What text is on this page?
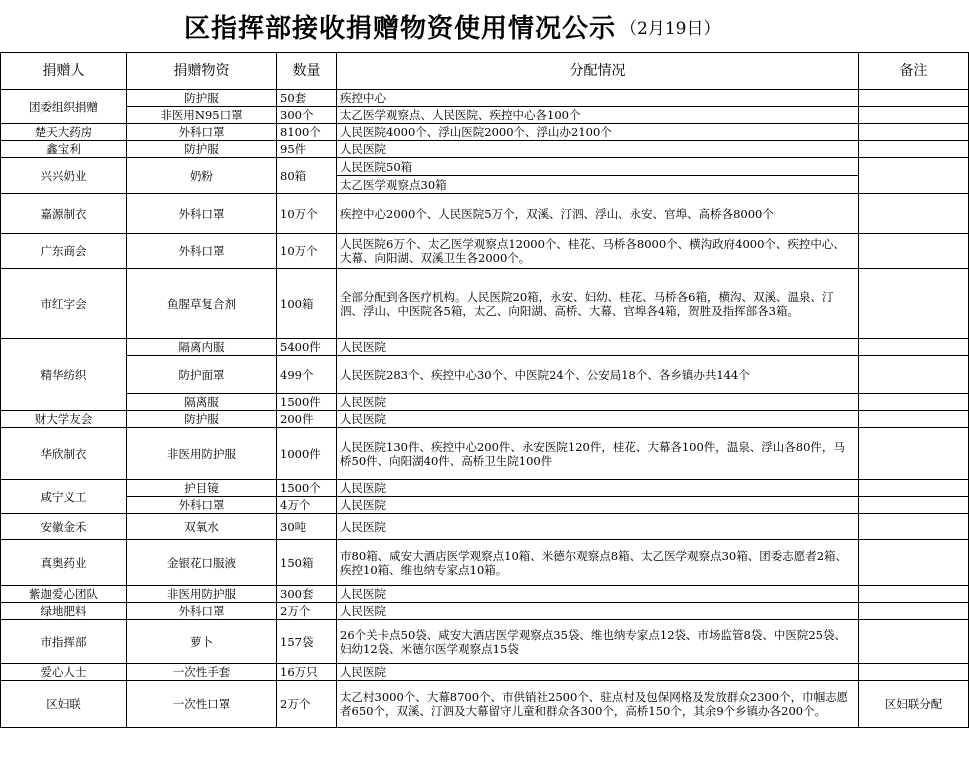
区指挥部接收捐赠物资使用情况公示 （2月19日）
捐赠人	捐赠物资	数量	分配情况	备注
团委组织捐赠	防护服	50套	疾控中心	
	非医用N95口罩	300个	太乙医学观察点、人民医院、疾控中心各100个	
楚天大药房	外科口罩	8100个	人民医院4000个、浮山医院2000个、浮山办2100个	
鑫宝利	防护服	95件	人民医院	
兴兴奶业	奶粉	80箱	人民医院50箱	
			太乙医学观察点30箱	
嘉源制衣	外科口罩	10万个	疾控中心2000个、人民医院5万个，双溪、汀泗、浮山、永安、官埠、高桥各8000个	
广东商会	外科口罩	10万个	人民医院6万个、太乙医学观察点12000个、桂花、马桥各8000个、横沟政府4000个、疾控中心、大幕、向阳湖、双溪卫生各2000个。	
市红字会	鱼腥草复合剂	100箱	全部分配到各医疗机构。人民医院20箱，永安、妇幼、桂花、马桥各6箱，横沟、双溪、温泉、汀泗、浮山、中医院各5箱，太乙、向阳湖、高桥、大幕、官埠各4箱，贺胜及指挥部各3箱。	
精华纺织	隔离内服	5400件	人民医院	
	防护面罩	499个	人民医院283个、疾控中心30个、中医院24个、公安局18个、各乡镇办共144个	
	隔离服	1500件	人民医院	
财大学友会	防护服	200件	人民医院	
华欣制衣	非医用防护服	1000件	人民医院130件、疾控中心200件、永安医院120件，桂花、大幕各100件，温泉、浮山各80件，马桥50件、向阳湖40件、高桥卫生院100件	
咸宁义工	护目镜	1500个	人民医院	
	外科口罩	4万个	人民医院	
安徽金禾	双氧水	30吨	人民医院	
真奥药业	金银花口服液	150箱	市80箱、咸安大酒店医学观察点10箱、米德尔观察点8箱、太乙医学观察点30箱、团委志愿者2箱、疾控10箱、维也纳专家点10箱。	
紫迦爱心团队	非医用防护服	300套	人民医院	
绿地肥料	外科口罩	2万个	人民医院	
市指挥部	萝卜	157袋	26个关卡点50袋、咸安大酒店医学观察点35袋、维也纳专家点12袋、市场监管8袋、中医院25袋、妇幼12袋、米德尔医学观察点15袋	
爱心人士	一次性手套	16万只	人民医院	
区妇联	一次性口罩	2万个	太乙村3000个、大幕8700个、市供销社2500个、驻点村及包保网格及发放群众2300个，巾帼志愿者650个，双溪、汀泗及大幕留守儿童和群众各300个，高桥150个，其余9个乡镇办各200个。	区妇联分配
